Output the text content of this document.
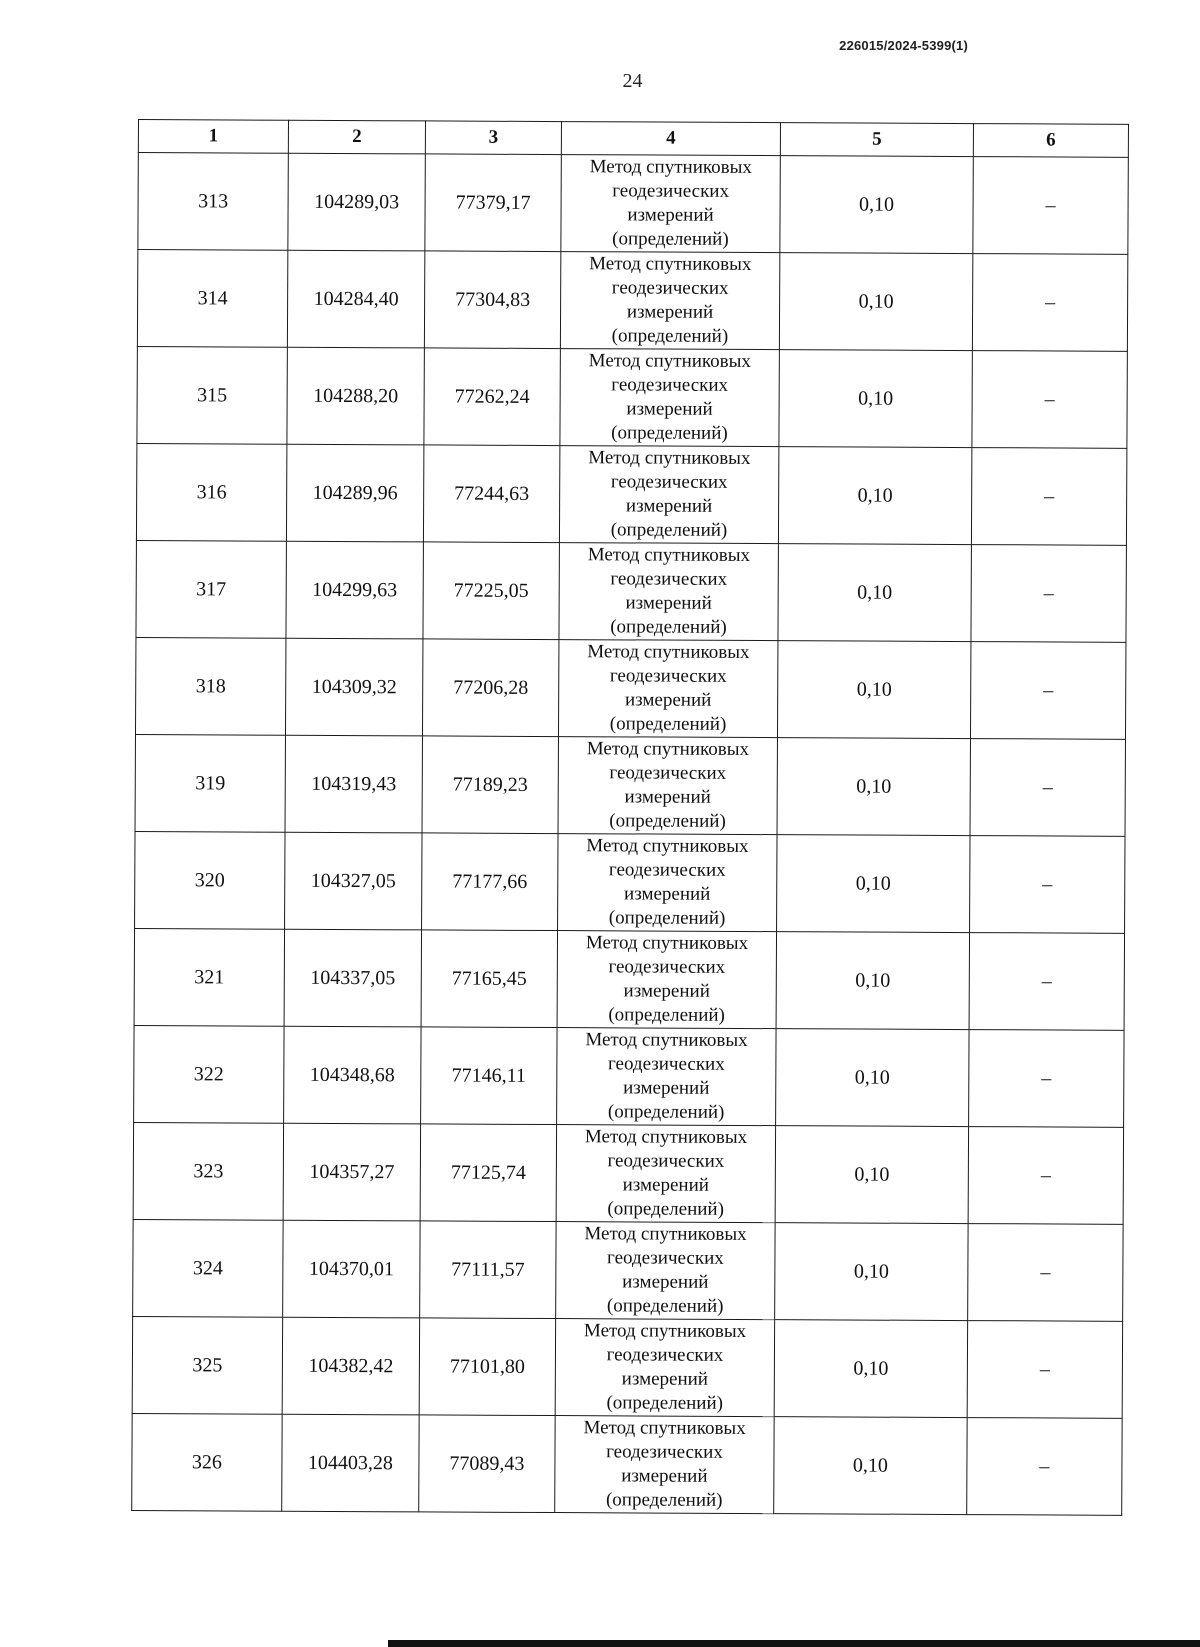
226015/2024-5399(1)
24
1	2	3	4	5	6
313	104289,03	77379,17	Метод спутниковых
геодезических
измерений
(определений)	0,10	–
314	104284,40	77304,83	Метод спутниковых
геодезических
измерений
(определений)	0,10	–
315	104288,20	77262,24	Метод спутниковых
геодезических
измерений
(определений)	0,10	–
316	104289,96	77244,63	Метод спутниковых
геодезических
измерений
(определений)	0,10	–
317	104299,63	77225,05	Метод спутниковых
геодезических
измерений
(определений)	0,10	–
318	104309,32	77206,28	Метод спутниковых
геодезических
измерений
(определений)	0,10	–
319	104319,43	77189,23	Метод спутниковых
геодезических
измерений
(определений)	0,10	–
320	104327,05	77177,66	Метод спутниковых
геодезических
измерений
(определений)	0,10	–
321	104337,05	77165,45	Метод спутниковых
геодезических
измерений
(определений)	0,10	–
322	104348,68	77146,11	Метод спутниковых
геодезических
измерений
(определений)	0,10	–
323	104357,27	77125,74	Метод спутниковых
геодезических
измерений
(определений)	0,10	–
324	104370,01	77111,57	Метод спутниковых
геодезических
измерений
(определений)	0,10	–
325	104382,42	77101,80	Метод спутниковых
геодезических
измерений
(определений)	0,10	–
326	104403,28	77089,43	Метод спутниковых
геодезических
измерений
(определений)	0,10	–
